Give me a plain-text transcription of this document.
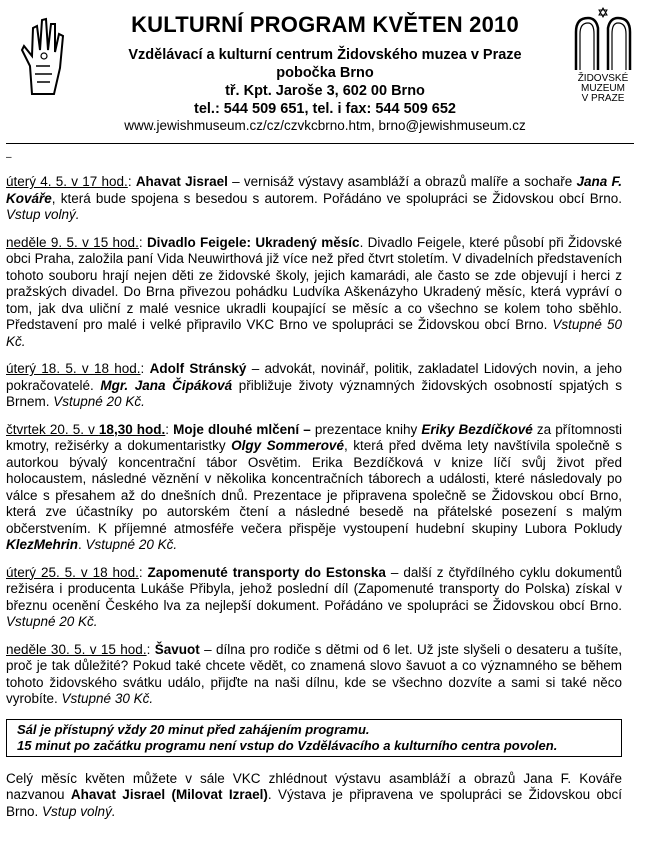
KULTURNÍ PROGRAM KVĚTEN 2010
Vzdělávací a kulturní centrum Židovského muzea v Praze
pobočka Brno
tř. Kpt. Jaroše 3, 602 00 Brno
tel.: 544 509 651, tel. i fax: 544 509 652
www.jewishmuseum.cz/cz/czvkcbrno.htm, brno@jewishmuseum.cz
ŽIDOVSKÉ
MUZEUM
V PRAZE
–

úterý 4. 5. v 17 hod.: Ahavat Jisrael – vernisáž výstavy asambláží a obrazů malíře a sochaře Jana F. Kováře, která bude spojena s besedou s autorem. Pořádáno ve spolupráci se Židovskou obcí Brno. Vstup volný.

neděle 9. 5. v 15 hod.: Divadlo Feigele: Ukradený měsíc. Divadlo Feigele, které působí při Židovské obci Praha, založila paní Vida Neuwirthová již více než před čtvrt stoletím. V divadelních představeních tohoto souboru hrají nejen děti ze židovské školy, jejich kamarádi, ale často se zde objevují i herci z pražských divadel. Do Brna přivezou pohádku Ludvíka Aškenázyho Ukradený měsíc, která vypráví o tom, jak dva uliční z malé vesnice ukradli koupající se měsíc a co všechno se kolem toho sběhlo. Představení pro malé i velké připravilo VKC Brno ve spolupráci se Židovskou obcí Brno. Vstupné 50 Kč.

úterý 18. 5. v 18 hod.: Adolf Stránský – advokát, novinář, politik, zakladatel Lidových novin, a jeho pokračovatelé. Mgr. Jana Čipáková přibližuje životy významných židovských osobností spjatých s Brnem. Vstupné 20 Kč.

čtvrtek 20. 5. v 18,30 hod.: Moje dlouhé mlčení – prezentace knihy Eriky Bezdíčkové za přítomnosti kmotry, režisérky a dokumentaristky Olgy Sommerové, která před dvěma lety navštívila společně s autorkou bývalý koncentrační tábor Osvětim. Erika Bezdíčková v knize líčí svůj život před holocaustem, následné věznění v několika koncentračních táborech a události, které následovaly po válce s přesahem až do dnešních dnů. Prezentace je připravena společně se Židovskou obcí Brno, která zve účastníky po autorském čtení a následné besedě na přátelské posezení s malým občerstvením. K příjemné atmosféře večera přispěje vystoupení hudební skupiny Lubora Pokludy KlezMehrin. Vstupné 20 Kč.

úterý 25. 5. v 18 hod.: Zapomenuté transporty do Estonska – další z čtyřdílného cyklu dokumentů režiséra i producenta Lukáše Přibyla, jehož poslední díl (Zapomenuté transporty do Polska) získal v březnu ocenění Českého lva za nejlepší dokument. Pořádáno ve spolupráci se Židovskou obcí Brno. Vstupné 20 Kč.

neděle 30. 5. v 15 hod.: Šavuot – dílna pro rodiče s dětmi od 6 let. Už jste slyšeli o desateru a tušíte, proč je tak důležité? Pokud také chcete vědět, co znamená slovo šavuot a co významného se během tohoto židovského svátku událo, přijďte na naši dílnu, kde se všechno dozvíte a sami si také něco vyrobíte. Vstupné 30 Kč.

Sál je přístupný vždy 20 minut před zahájením programu.
15 minut po začátku programu není vstup do Vzdělávacího a kulturního centra povolen.

Celý měsíc květen můžete v sále VKC zhlédnout výstavu asambláží a obrazů Jana F. Kováře nazvanou Ahavat Jisrael (Milovat Izrael). Výstava je připravena ve spolupráci se Židovskou obcí Brno. Vstup volný.
